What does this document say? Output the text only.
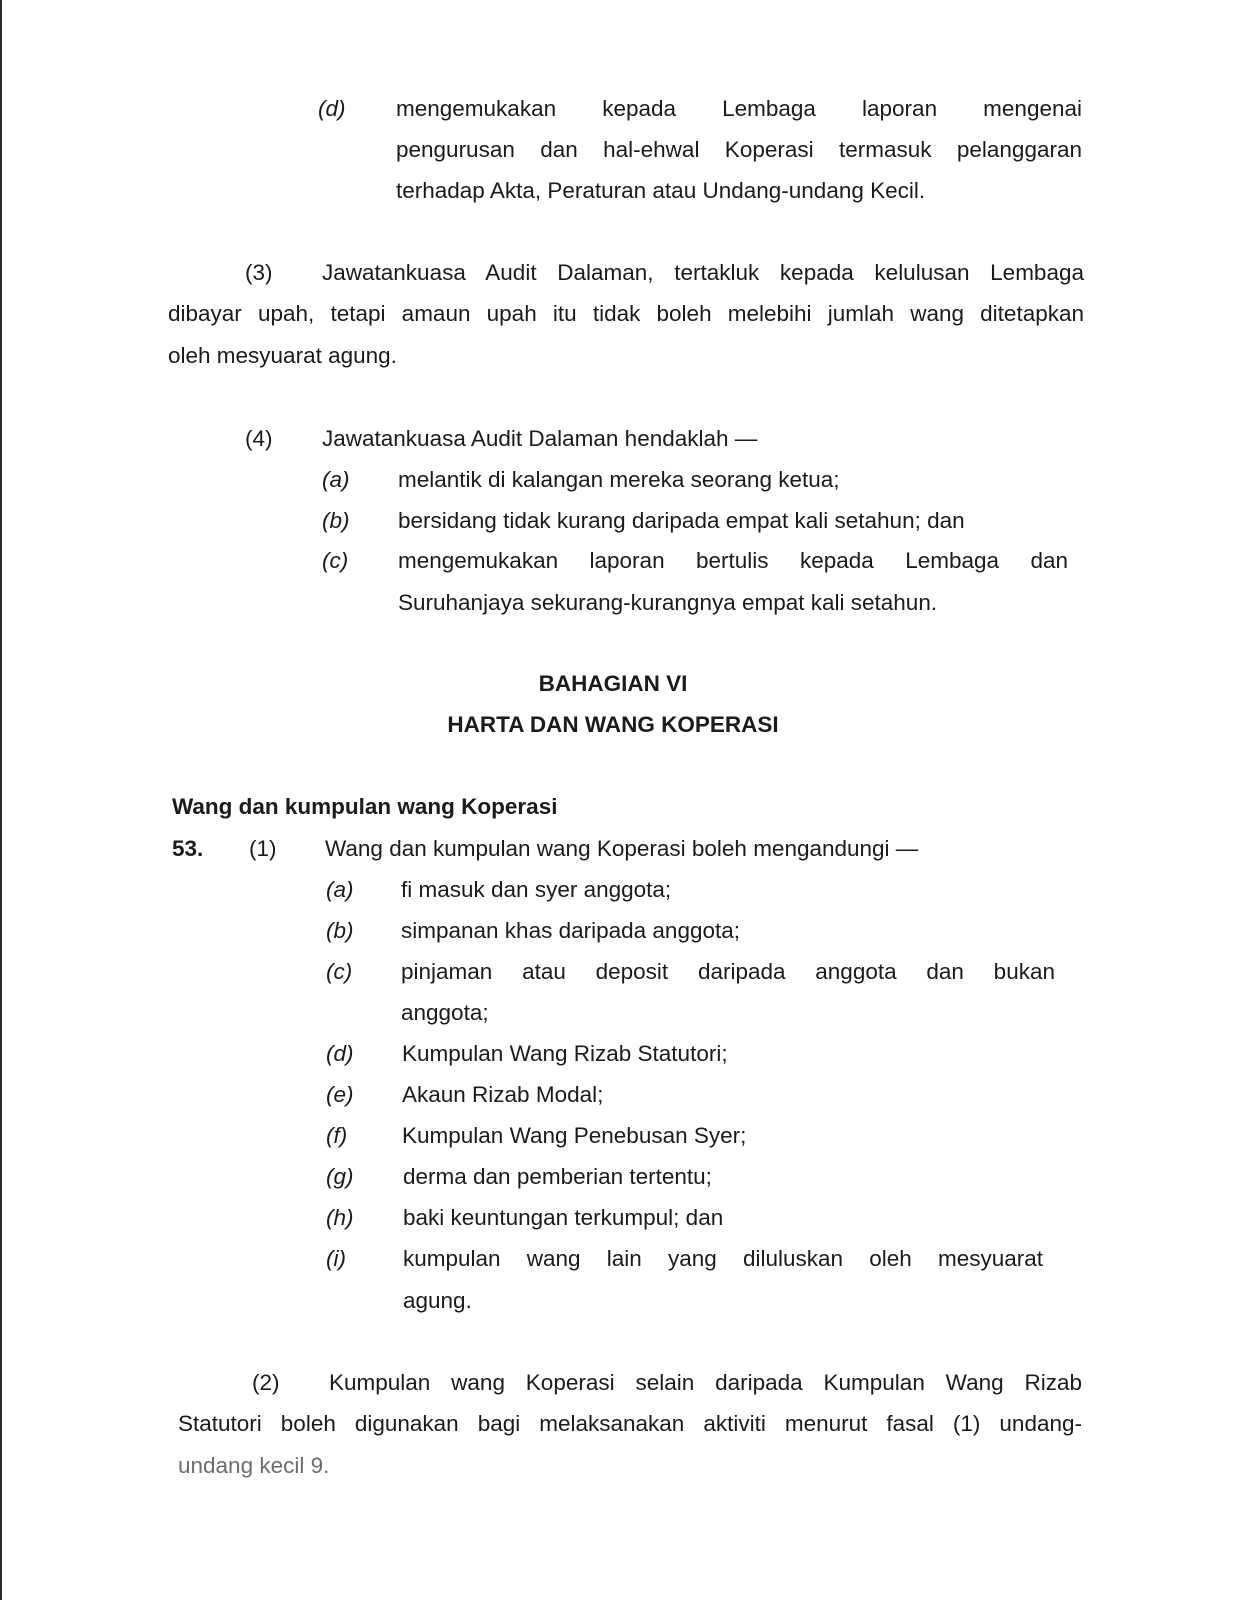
(d) mengemukakan kepada Lembaga laporan mengenai
pengurusan dan hal-ehwal Koperasi termasuk pelanggaran
terhadap Akta, Peraturan atau Undang-undang Kecil.
(3) Jawatankuasa Audit Dalaman, tertakluk kepada kelulusan Lembaga
dibayar upah, tetapi amaun upah itu tidak boleh melebihi jumlah wang ditetapkan
oleh mesyuarat agung.
(4) Jawatankuasa Audit Dalaman hendaklah —
(a) melantik di kalangan mereka seorang ketua;
(b) bersidang tidak kurang daripada empat kali setahun; dan
(c) mengemukakan laporan bertulis kepada Lembaga dan
Suruhanjaya sekurang-kurangnya empat kali setahun.
BAHAGIAN VI
HARTA DAN WANG KOPERASI
Wang dan kumpulan wang Koperasi
53. (1) Wang dan kumpulan wang Koperasi boleh mengandungi —
(a) fi masuk dan syer anggota;
(b) simpanan khas daripada anggota;
(c) pinjaman atau deposit daripada anggota dan bukan
anggota;
(d) Kumpulan Wang Rizab Statutori;
(e) Akaun Rizab Modal;
(f) Kumpulan Wang Penebusan Syer;
(g) derma dan pemberian tertentu;
(h) baki keuntungan terkumpul; dan
(i)	kumpulan wang lain yang diluluskan oleh mesyuarat
agung.
(2) Kumpulan wang Koperasi selain daripada Kumpulan Wang Rizab
Statutori boleh digunakan bagi melaksanakan aktiviti menurut fasal (1) undang-
undang kecil 9.
